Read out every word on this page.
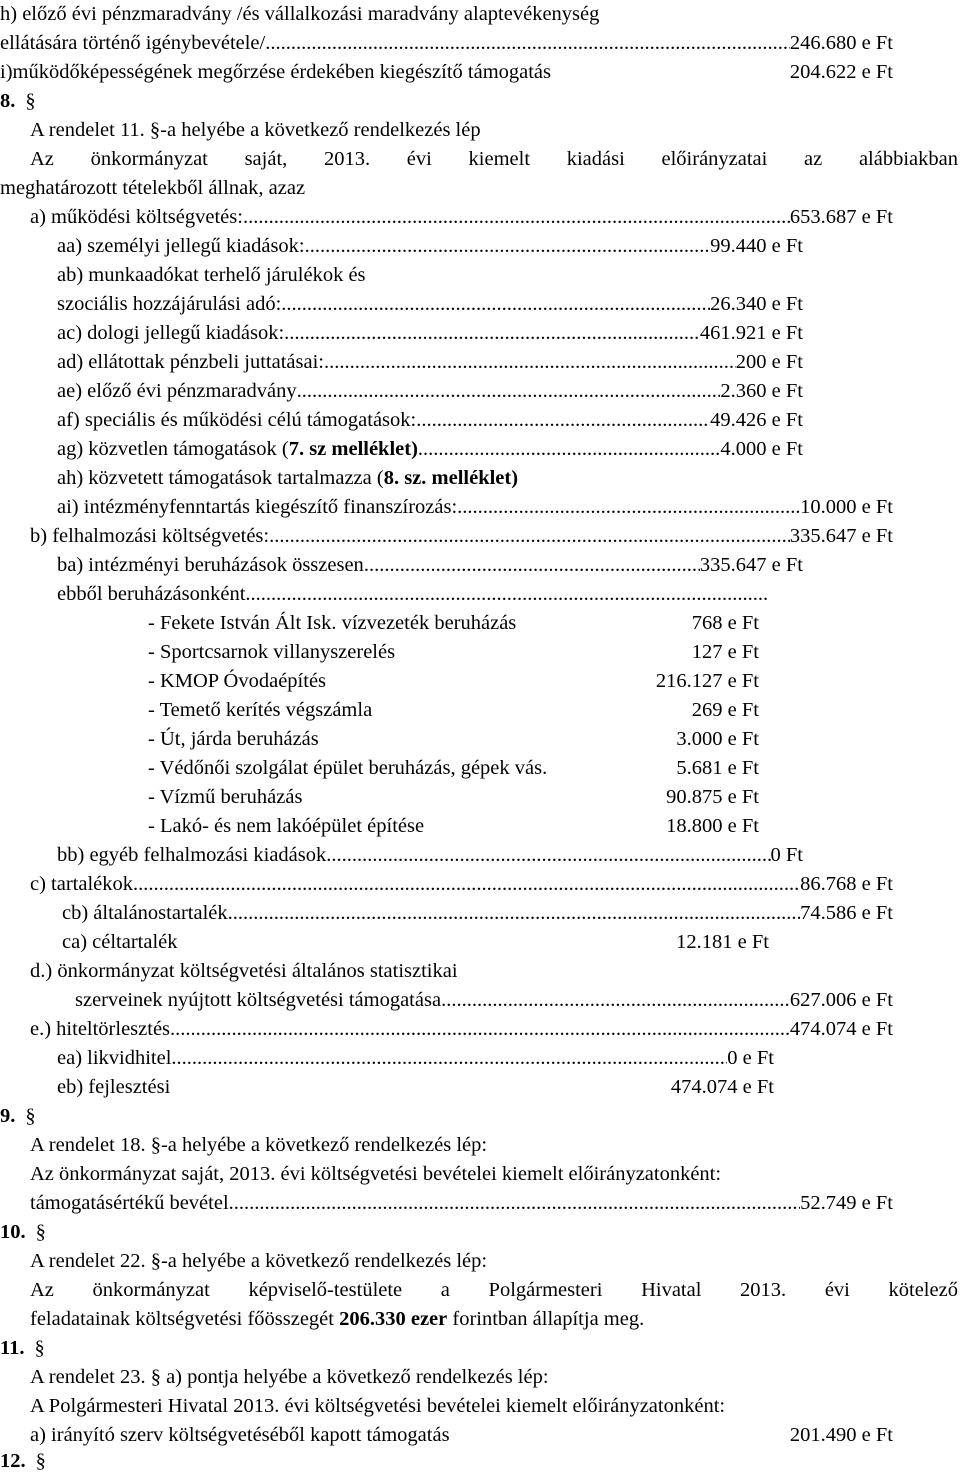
h) előző évi pénzmaradvány /és vállalkozási maradvány alaptevékenység
ellátására történő igénybevétele/ .....	246.680 e Ft
i)működőképességének megőrzése érdekében kiegészítő támogatás	204.622 e Ft
8. §
A rendelet 11. §-a helyébe a következő rendelkezés lép
Az önkormányzat saját, 2013. évi kiemelt kiadási előirányzatai az alábbiakban
meghatározott tételekből állnak, azaz
a) működési költségvetés: .....	653.687 e Ft
aa) személyi jellegű kiadások: .....	99.440 e Ft
ab) munkaadókat terhelő járulékok és
szociális hozzájárulási adó: .....	26.340 e Ft
ac) dologi jellegű kiadások: .....	461.921 e Ft
ad) ellátottak pénzbeli juttatásai: .....	200 e Ft
ae) előző évi pénzmaradvány .....	2.360 e Ft
af) speciális és működési célú támogatások: .....	49.426 e Ft
ag) közvetlen támogatások (7. sz melléklet) .....	4.000 e Ft
ah) közvetett támogatások tartalmazza (8. sz. melléklet)
ai) intézményfenntartás kiegészítő finanszírozás: .....	10.000 e Ft
b) felhalmozási költségvetés: .....	335.647 e Ft
ba) intézményi beruházások összesen .....	335.647 e Ft
ebből beruházásonként
.....
- Fekete István Ált Isk. vízvezeték beruházás	768 e Ft
- Sportcsarnok villanyszerelés	127 e Ft
- KMOP Óvodaépítés	216.127 e Ft
- Temető kerítés végszámla	269 e Ft
- Út, járda beruházás	3.000 e Ft
- Védőnői szolgálat épület beruházás, gépek vás.	5.681 e Ft
- Vízmű beruházás	90.875 e Ft
- Lakó- és nem lakóépület építése	18.800 e Ft
bb) egyéb felhalmozási kiadások .....	0 Ft
c) tartalékok .....	86.768 e Ft
cb) általánostartalék .....	74.586 e Ft
ca) céltartalék	12.181 e Ft
d.) önkormányzat költségvetési általános statisztikai
szerveinek nyújtott költségvetési támogatása .....	627.006 e Ft
e.) hiteltörlesztés .....	474.074 e Ft
ea) likvidhitel .....	0 e Ft
eb) fejlesztési	474.074 e Ft
9. §
A rendelet 18. §-a helyébe a következő rendelkezés lép:
Az önkormányzat saját, 2013. évi költségvetési bevételei kiemelt előirányzatonként:
támogatásértékű bevétel .....	52.749 e Ft
10. §
A rendelet 22. §-a helyébe a következő rendelkezés lép:
Az önkormányzat képviselő-testülete a Polgármesteri Hivatal 2013. évi kötelező
feladatainak költségvetési főösszegét 206.330 ezer forintban állapítja meg.
11. §
A rendelet 23. § a) pontja helyébe a következő rendelkezés lép:
A Polgármesteri Hivatal 2013. évi költségvetési bevételei kiemelt előirányzatonként:
a) irányító szerv költségvetéséből kapott támogatás	201.490 e Ft
12. §
